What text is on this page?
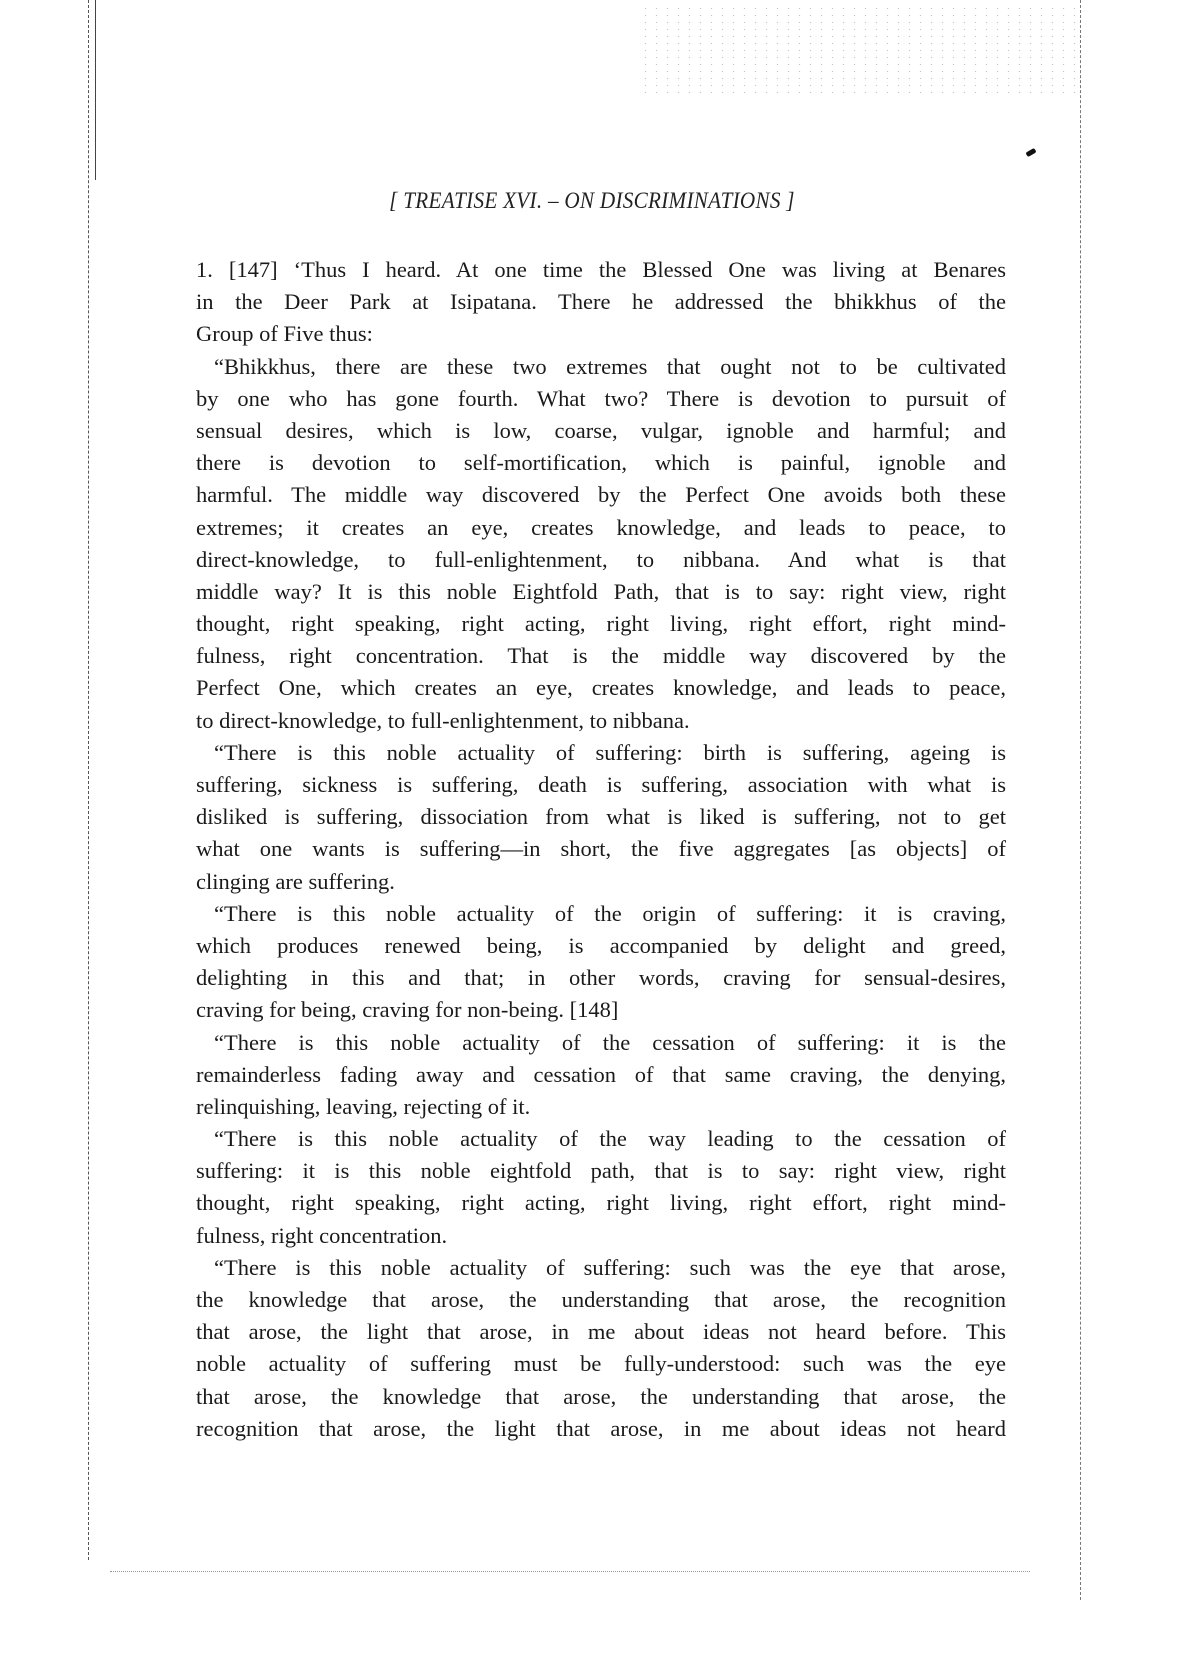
[ TREATISE XVI. – ON DISCRIMINATIONS ]
1. [147] ‘Thus I heard. At one time the Blessed One was living at Benares
in the Deer Park at Isipatana. There he addressed the bhikkhus of the
Group of Five thus:
“Bhikkhus, there are these two extremes that ought not to be cultivated
by one who has gone fourth. What two? There is devotion to pursuit of
sensual desires, which is low, coarse, vulgar, ignoble and harmful; and
there is devotion to self-mortification, which is painful, ignoble and
harmful. The middle way discovered by the Perfect One avoids both these
extremes; it creates an eye, creates knowledge, and leads to peace, to
direct-knowledge, to full-enlightenment, to nibbana. And what is that
middle way? It is this noble Eightfold Path, that is to say: right view, right
thought, right speaking, right acting, right living, right effort, right mind-
fulness, right concentration. That is the middle way discovered by the
Perfect One, which creates an eye, creates knowledge, and leads to peace,
to direct-knowledge, to full-enlightenment, to nibbana.
“There is this noble actuality of suffering: birth is suffering, ageing is
suffering, sickness is suffering, death is suffering, association with what is
disliked is suffering, dissociation from what is liked is suffering, not to get
what one wants is suffering—in short, the five aggregates [as objects] of
clinging are suffering.
“There is this noble actuality of the origin of suffering: it is craving,
which produces renewed being, is accompanied by delight and greed,
delighting in this and that; in other words, craving for sensual-desires,
craving for being, craving for non-being. [148]
“There is this noble actuality of the cessation of suffering: it is the
remainderless fading away and cessation of that same craving, the denying,
relinquishing, leaving, rejecting of it.
“There is this noble actuality of the way leading to the cessation of
suffering: it is this noble eightfold path, that is to say: right view, right
thought, right speaking, right acting, right living, right effort, right mind-
fulness, right concentration.
“There is this noble actuality of suffering: such was the eye that arose,
the knowledge that arose, the understanding that arose, the recognition
that arose, the light that arose, in me about ideas not heard before. This
noble actuality of suffering must be fully-understood: such was the eye
that arose, the knowledge that arose, the understanding that arose, the
recognition that arose, the light that arose, in me about ideas not heard
